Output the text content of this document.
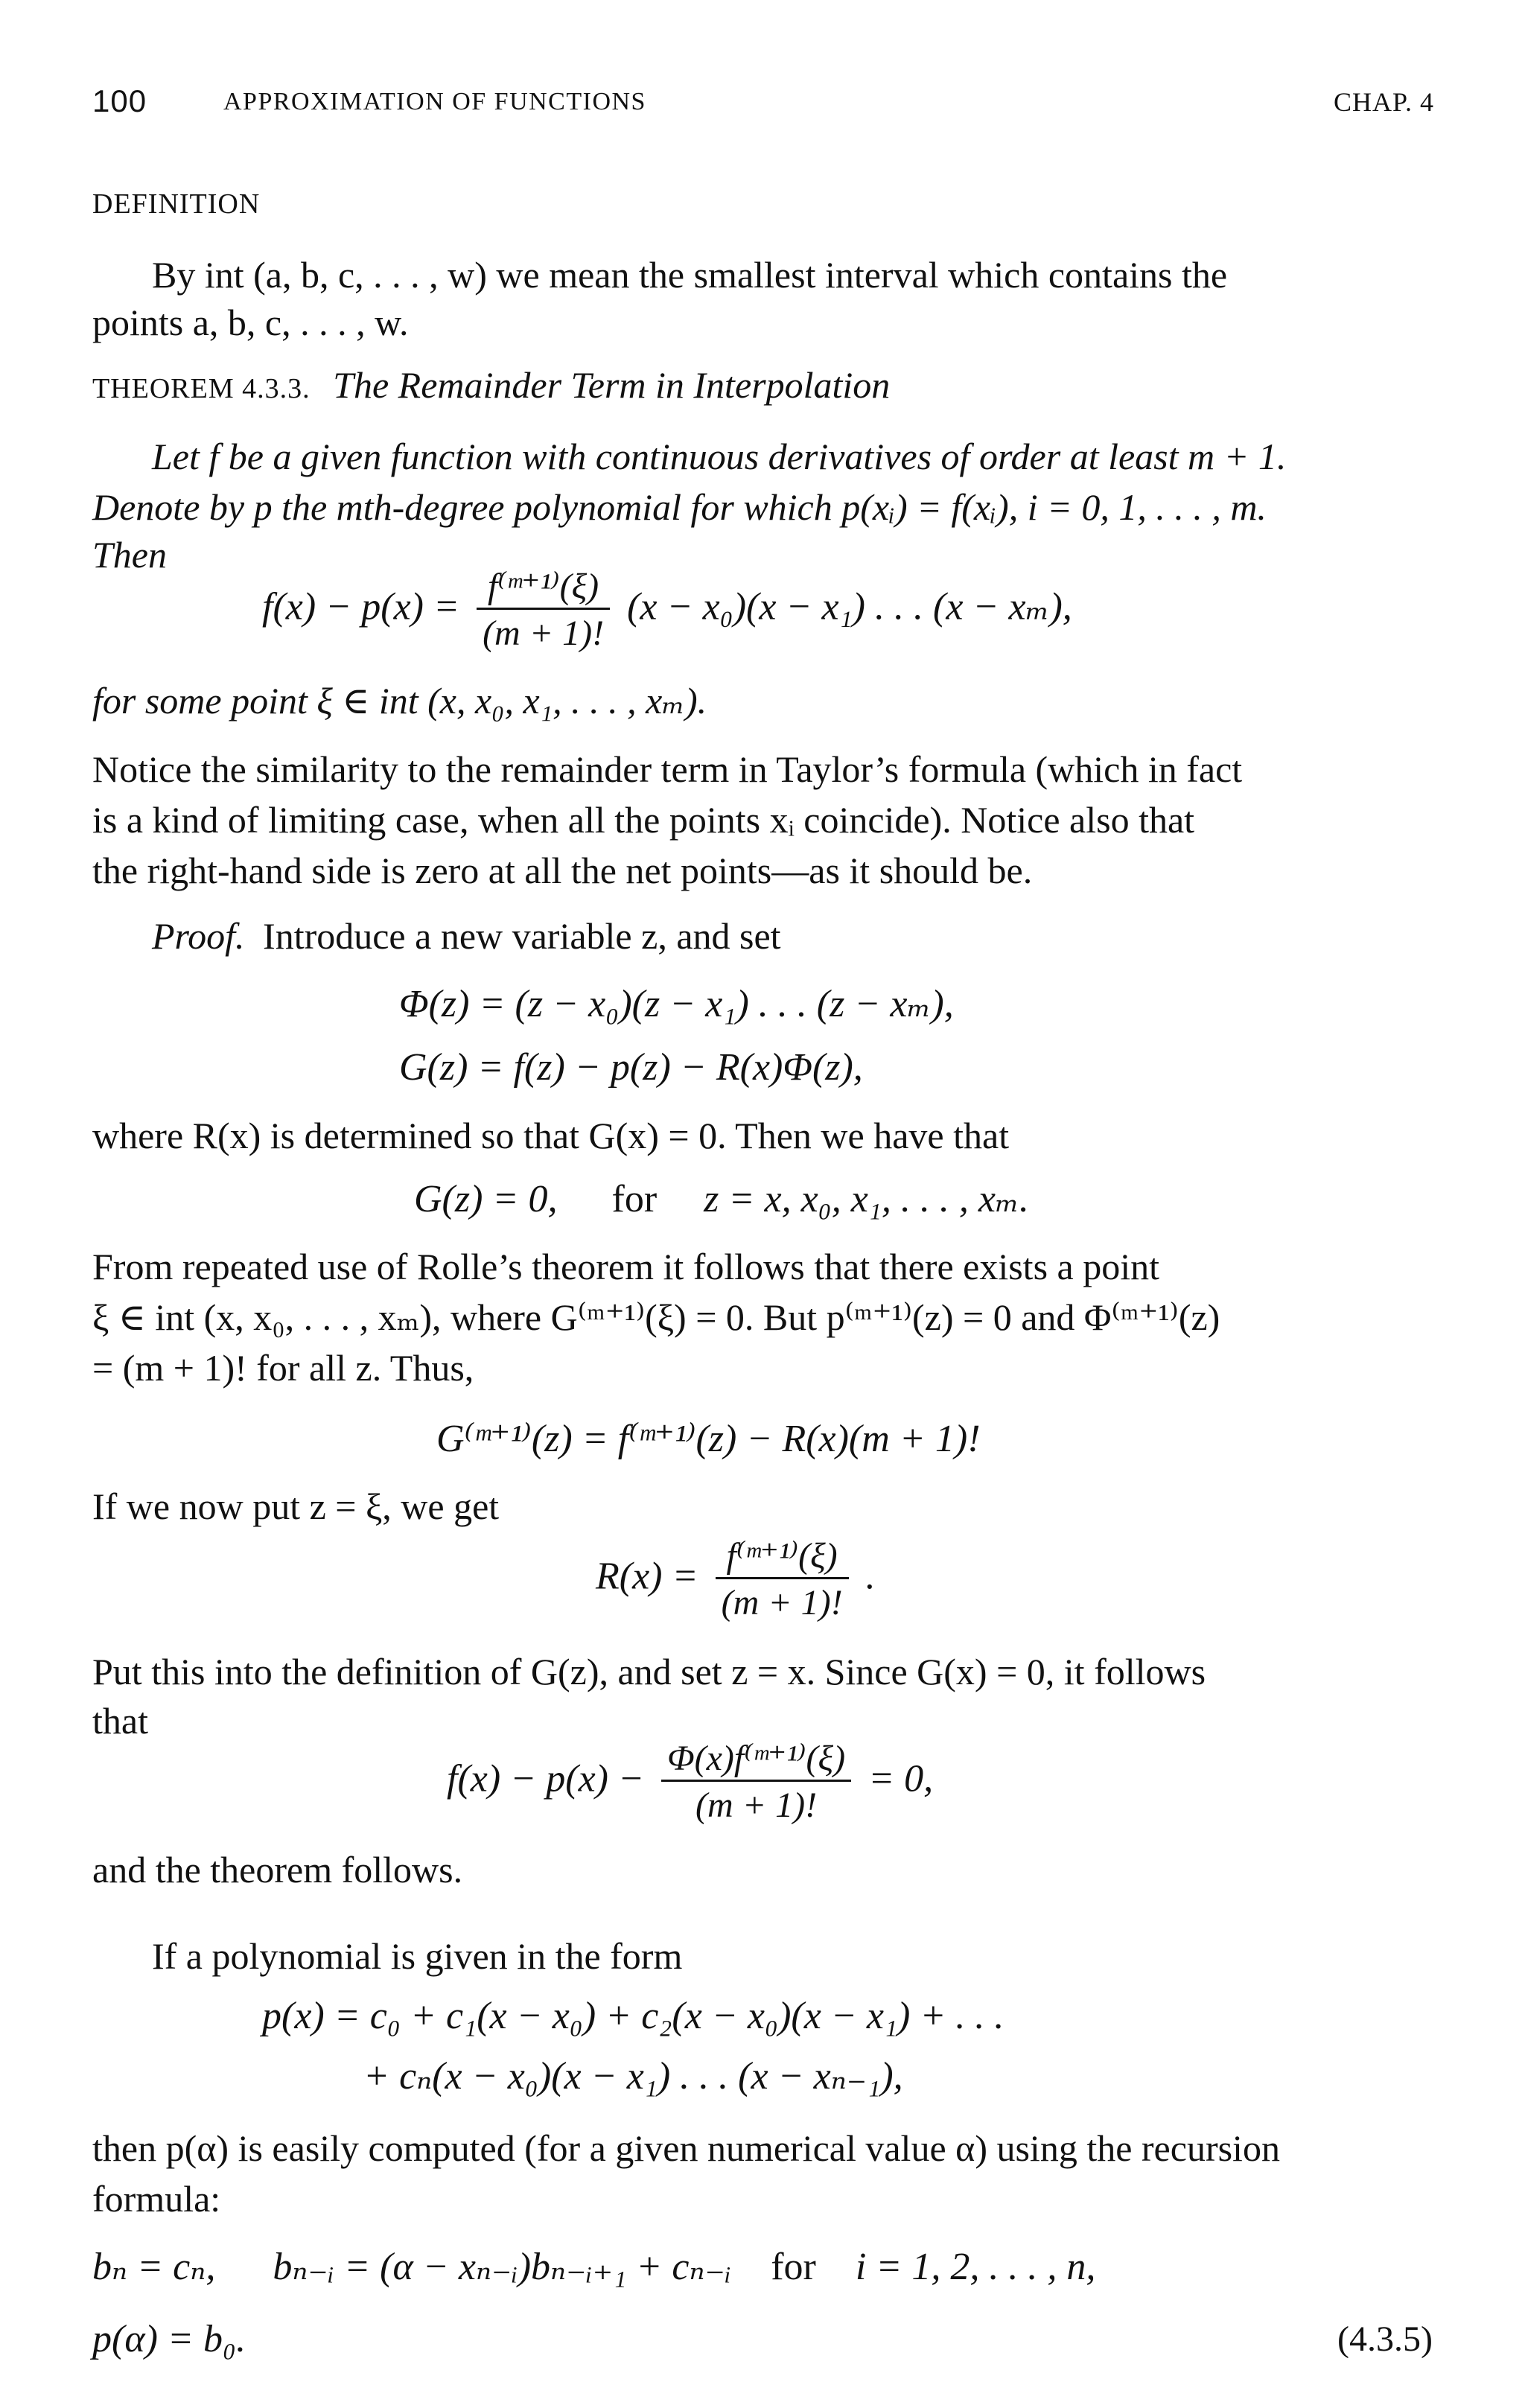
100	APPROXIMATION OF FUNCTIONS	CHAP. 4
DEFINITION
By int (a, b, c, . . . , w) we mean the smallest interval which contains the
points a, b, c, . . . , w.
THEOREM 4.3.3. The Remainder Term in Interpolation
Let f be a given function with continuous derivatives of order at least m + 1.
Denote by p the mth-degree polynomial for which p(xᵢ) = f(xᵢ), i = 0, 1, . . . , m.
Then
$f(x) - p(x) = \frac{\text{f⁽ᵐ⁺¹⁾(ξ)}}{(m + 1)!} (x - x_0)(x - x_1)$ . . . (x − xₘ),
for some point ξ ∈ int (x, x₀, x₁, . . . , xₘ).
Notice the similarity to the remainder term in Taylor’s formula (which in fact
is a kind of limiting case, when all the points xᵢ coincide). Notice also that
the right-hand side is zero at all the net points—as it should be.
Proof. Introduce a new variable z, and set
Φ(z) = (z − x₀)(z − x₁) . . . (z − xₘ),
G(z) = f(z) − p(z) − R(x)Φ(z),
where R(x) is determined so that G(x) = 0. Then we have that
G(z) = 0, for z = x, x₀, x₁, . . . , xₘ.
From repeated use of Rolle’s theorem it follows that there exists a point
ξ ∈ int (x, x₀, . . . , xₘ), where G⁽ᵐ⁺¹⁾(ξ) = 0. But p⁽ᵐ⁺¹⁾(z) = 0 and Φ⁽ᵐ⁺¹⁾(z)
= (m + 1)! for all z. Thus,
G⁽ᵐ⁺¹⁾(z) = f⁽ᵐ⁺¹⁾(z) − R(x)(m + 1)!
If we now put z = ξ, we get
$R(x) = \frac{\text{f⁽ᵐ⁺¹⁾(ξ)}}{(m + 1)!}$ .
Put this into the definition of G(z), and set z = x. Since G(x) = 0, it follows
that
$f(x) - p(x) - \frac{\text{Φ(x)f⁽ᵐ⁺¹⁾(ξ)}}{(m + 1)!} = 0$,
and the theorem follows.
If a polynomial is given in the form
p(x) = c₀ + c₁(x − x₀) + c₂(x − x₀)(x − x₁) + . . .
+ cₙ(x − x₀)(x − x₁) . . . (x − xₙ₋₁),
then p(α) is easily computed (for a given numerical value α) using the recursion
formula:
bₙ = cₙ, bₙ₋ᵢ = (α − xₙ₋ᵢ)bₙ₋ᵢ₊₁ + cₙ₋ᵢ for i = 1, 2, . . . , n,
p(α) = b₀.	(4.3.5)
